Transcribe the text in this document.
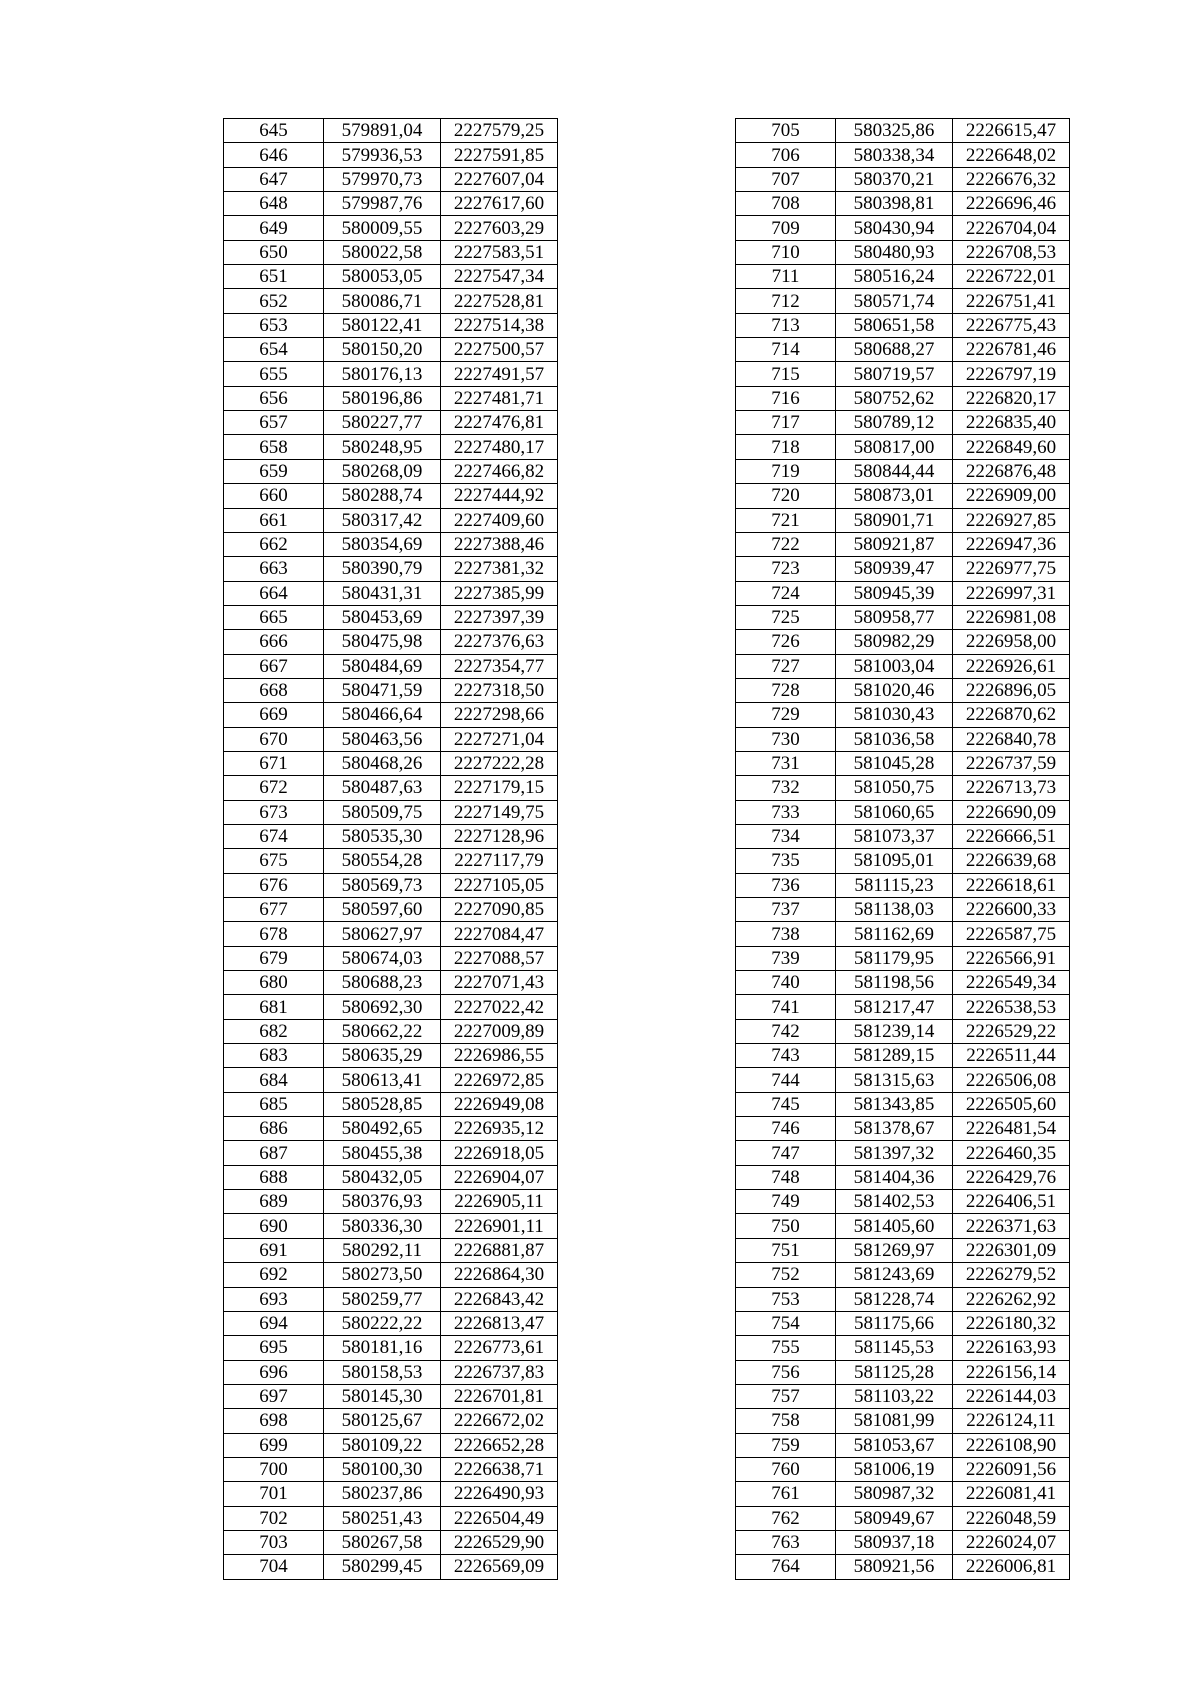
645	579891,04	2227579,25
646	579936,53	2227591,85
647	579970,73	2227607,04
648	579987,76	2227617,60
649	580009,55	2227603,29
650	580022,58	2227583,51
651	580053,05	2227547,34
652	580086,71	2227528,81
653	580122,41	2227514,38
654	580150,20	2227500,57
655	580176,13	2227491,57
656	580196,86	2227481,71
657	580227,77	2227476,81
658	580248,95	2227480,17
659	580268,09	2227466,82
660	580288,74	2227444,92
661	580317,42	2227409,60
662	580354,69	2227388,46
663	580390,79	2227381,32
664	580431,31	2227385,99
665	580453,69	2227397,39
666	580475,98	2227376,63
667	580484,69	2227354,77
668	580471,59	2227318,50
669	580466,64	2227298,66
670	580463,56	2227271,04
671	580468,26	2227222,28
672	580487,63	2227179,15
673	580509,75	2227149,75
674	580535,30	2227128,96
675	580554,28	2227117,79
676	580569,73	2227105,05
677	580597,60	2227090,85
678	580627,97	2227084,47
679	580674,03	2227088,57
680	580688,23	2227071,43
681	580692,30	2227022,42
682	580662,22	2227009,89
683	580635,29	2226986,55
684	580613,41	2226972,85
685	580528,85	2226949,08
686	580492,65	2226935,12
687	580455,38	2226918,05
688	580432,05	2226904,07
689	580376,93	2226905,11
690	580336,30	2226901,11
691	580292,11	2226881,87
692	580273,50	2226864,30
693	580259,77	2226843,42
694	580222,22	2226813,47
695	580181,16	2226773,61
696	580158,53	2226737,83
697	580145,30	2226701,81
698	580125,67	2226672,02
699	580109,22	2226652,28
700	580100,30	2226638,71
701	580237,86	2226490,93
702	580251,43	2226504,49
703	580267,58	2226529,90
704	580299,45	2226569,09
705	580325,86	2226615,47
706	580338,34	2226648,02
707	580370,21	2226676,32
708	580398,81	2226696,46
709	580430,94	2226704,04
710	580480,93	2226708,53
711	580516,24	2226722,01
712	580571,74	2226751,41
713	580651,58	2226775,43
714	580688,27	2226781,46
715	580719,57	2226797,19
716	580752,62	2226820,17
717	580789,12	2226835,40
718	580817,00	2226849,60
719	580844,44	2226876,48
720	580873,01	2226909,00
721	580901,71	2226927,85
722	580921,87	2226947,36
723	580939,47	2226977,75
724	580945,39	2226997,31
725	580958,77	2226981,08
726	580982,29	2226958,00
727	581003,04	2226926,61
728	581020,46	2226896,05
729	581030,43	2226870,62
730	581036,58	2226840,78
731	581045,28	2226737,59
732	581050,75	2226713,73
733	581060,65	2226690,09
734	581073,37	2226666,51
735	581095,01	2226639,68
736	581115,23	2226618,61
737	581138,03	2226600,33
738	581162,69	2226587,75
739	581179,95	2226566,91
740	581198,56	2226549,34
741	581217,47	2226538,53
742	581239,14	2226529,22
743	581289,15	2226511,44
744	581315,63	2226506,08
745	581343,85	2226505,60
746	581378,67	2226481,54
747	581397,32	2226460,35
748	581404,36	2226429,76
749	581402,53	2226406,51
750	581405,60	2226371,63
751	581269,97	2226301,09
752	581243,69	2226279,52
753	581228,74	2226262,92
754	581175,66	2226180,32
755	581145,53	2226163,93
756	581125,28	2226156,14
757	581103,22	2226144,03
758	581081,99	2226124,11
759	581053,67	2226108,90
760	581006,19	2226091,56
761	580987,32	2226081,41
762	580949,67	2226048,59
763	580937,18	2226024,07
764	580921,56	2226006,81
